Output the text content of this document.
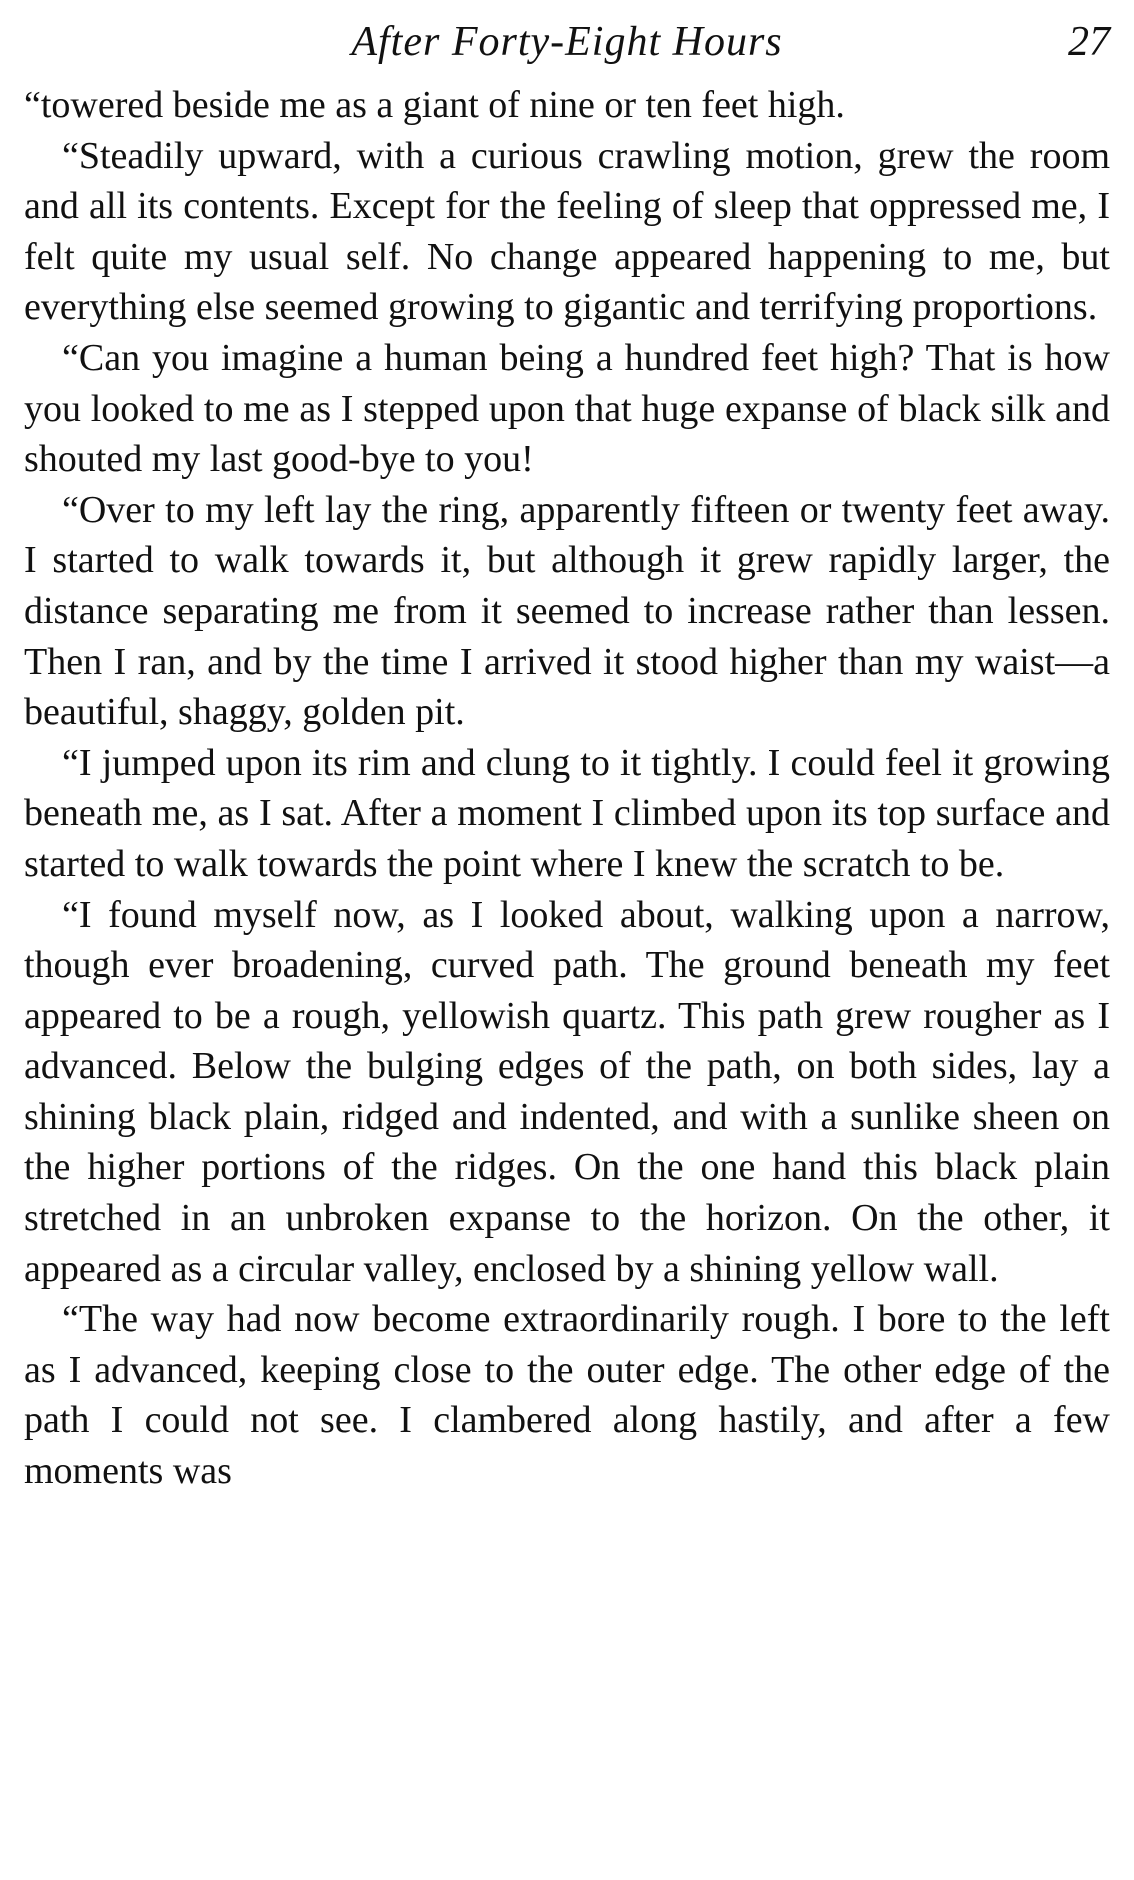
After Forty-Eight Hours	27

“towered beside me as a giant of nine or ten feet high.

“Steadily upward, with a curious crawling motion, grew the room and all its contents. Except for the feeling of sleep that oppressed me, I felt quite my usual self. No change appeared happening to me, but everything else seemed growing to gigantic and terrifying proportions.

“Can you imagine a human being a hundred feet high? That is how you looked to me as I stepped upon that huge expanse of black silk and shouted my last good-bye to you!

“Over to my left lay the ring, apparently fifteen or twenty feet away. I started to walk towards it, but although it grew rapidly larger, the distance separating me from it seemed to increase rather than lessen. Then I ran, and by the time I arrived it stood higher than my waist—a beautiful, shaggy, golden pit.

“I jumped upon its rim and clung to it tightly. I could feel it growing beneath me, as I sat. After a moment I climbed upon its top surface and started to walk towards the point where I knew the scratch to be.

“I found myself now, as I looked about, walking upon a narrow, though ever broadening, curved path. The ground beneath my feet appeared to be a rough, yellowish quartz. This path grew rougher as I advanced. Below the bulging edges of the path, on both sides, lay a shining black plain, ridged and indented, and with a sunlike sheen on the higher portions of the ridges. On the one hand this black plain stretched in an unbroken expanse to the horizon. On the other, it appeared as a circular valley, enclosed by a shining yellow wall.

“The way had now become extraordinarily rough. I bore to the left as I advanced, keeping close to the outer edge. The other edge of the path I could not see. I clambered along hastily, and after a few moments was
